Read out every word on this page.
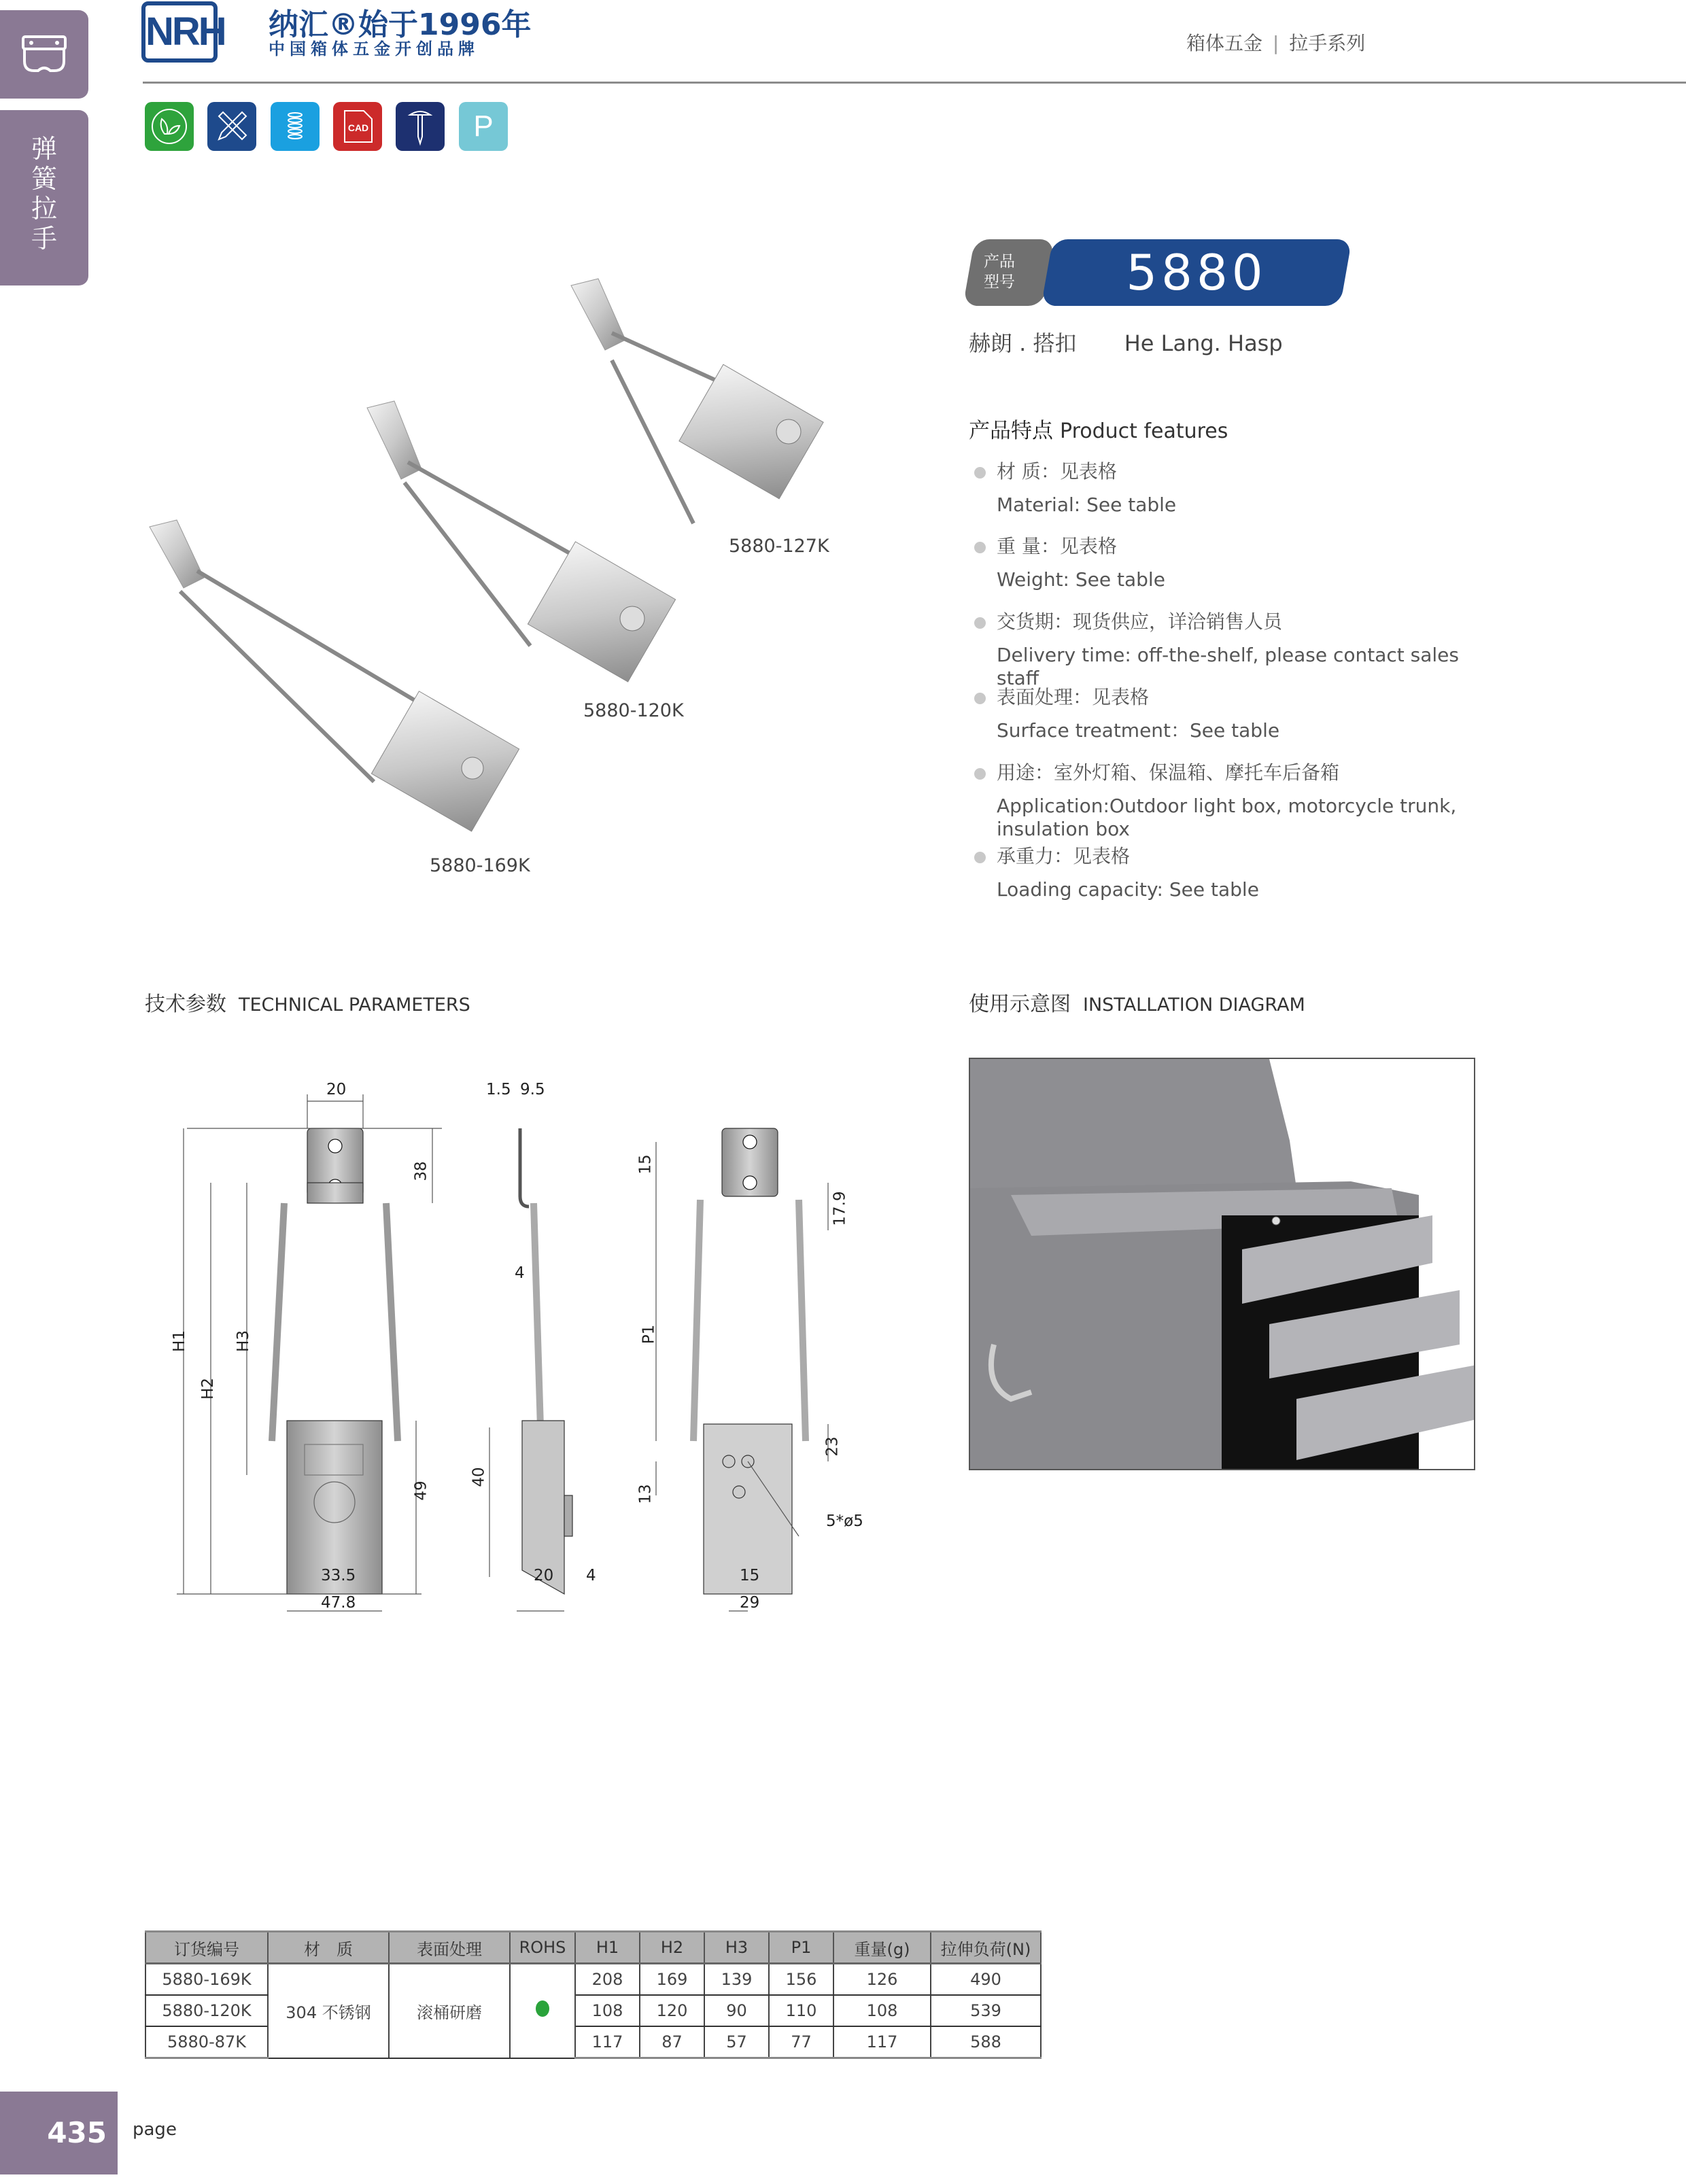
弹
簧
拉
手
NRH 纳汇®始于1996年
中国箱体五金开创品牌	箱体五金 | 拉手系列
CAD	P
5880-127K
5880-120K
5880-169K
产品
型号	5880
赫朗 . 搭扣 He Lang. Hasp
产品特点 Product features
材 质：见表格
Material: See table
重 量：见表格
Weight: See table
交货期：现货供应，详洽销售人员
Delivery time: off-the-shelf, please contact sales staff
表面处理：见表格
Surface treatment：See table
用途：室外灯箱、保温箱、摩托车后备箱
Application:Outdoor light box, motorcycle trunk, insulation box
承重力：见表格
Loading capacity: See table
技术参数 TECHNICAL PARAMETERS	使用示意图 INSTALLATION DIAGRAM
20
38
H1
H2
H3
49
33.5
47.8
1.5 9.5
4
40
20 4
15
17.9
P1
23
13
5*ø5
15
29
订货编号	材　质	表面处理	ROHS	H1	H2	H3	P1	重量(g)	拉伸负荷(N)
5880-169K	304 不锈钢	滚桶研磨		208	169	139	156	126	490
5880-120K				108	120	90	110	108	539
5880-87K				117	87	57	77	117	588
435	page
